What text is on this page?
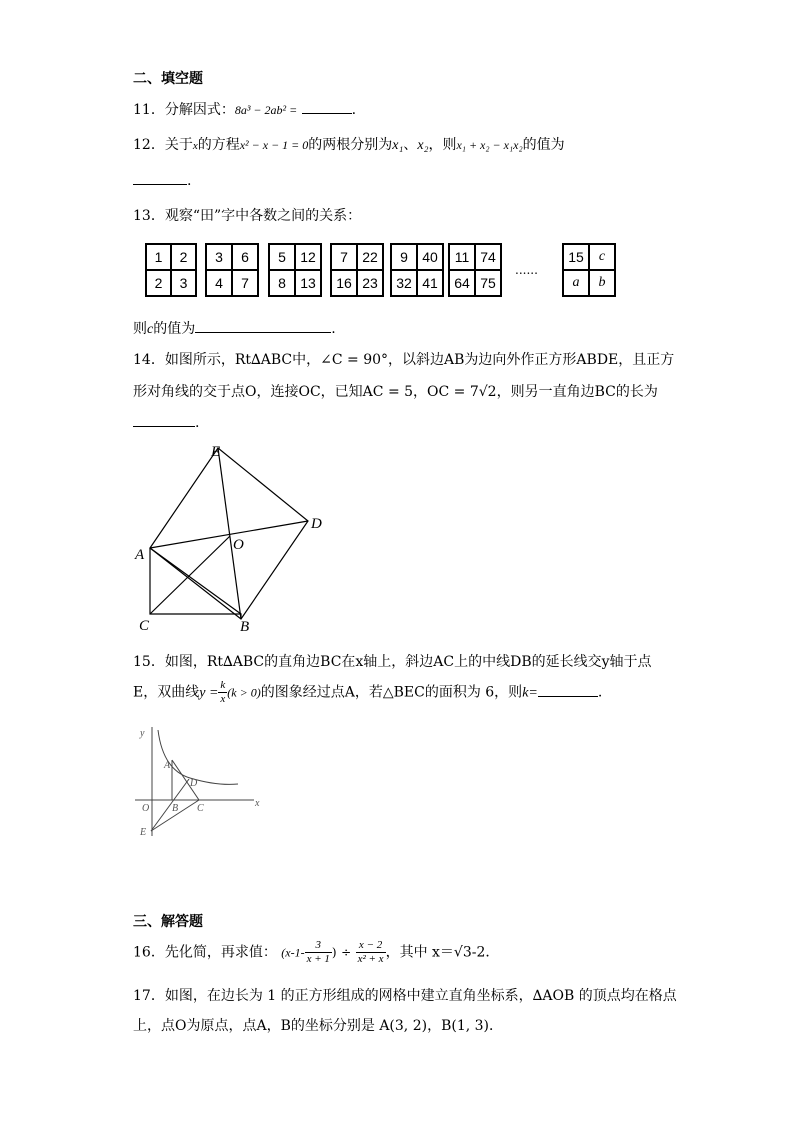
二、填空题
11．分解因式：8a³ − 2ab² =	.
12．关于x的方程x² − x − 1 = 0的两根分别为x₁、x₂，则x₁ + x₂ − x₁x₂的值为
.
13．观察“田”字中各数之间的关系：
1	2
2	3
3	6
4	7
5	12
8	13
7	22
16 23
9	40
32 41
11 74
64 75
15	c
a	b
......
则c的值为	.
14．如图所示，Rt∆ABC中，∠C = 90°，以斜边AB为边向外作正方形ABDE，且正方
形对角线的交于点O，连接OC，已知AC = 5，OC = 7√2，则另一直角边BC的长为
.
E
D
A
O
C	B
15．如图，Rt∆ABC的直角边BC在x轴上，斜边AC上的中线DB的延长线交y轴于点
E，双曲线$y = \frac{k}{x} (k > 0)$的图象经过点A，若△BEC的面积为 6，则k=	.
y
x
O
A
B C
D
E
三、解答题
16．先化简，再求值： ($x-1- \frac{3}{x + 1}$ ) ÷ $\frac{x - 2}{\text{x² + x}}$ ，其中 x＝√3-2．
17．如图，在边长为 1 的正方形组成的网格中建立直角坐标系，∆AOB 的顶点均在格点
上，点O为原点，点A，B的坐标分别是 A(3, 2)，B(1, 3)．
